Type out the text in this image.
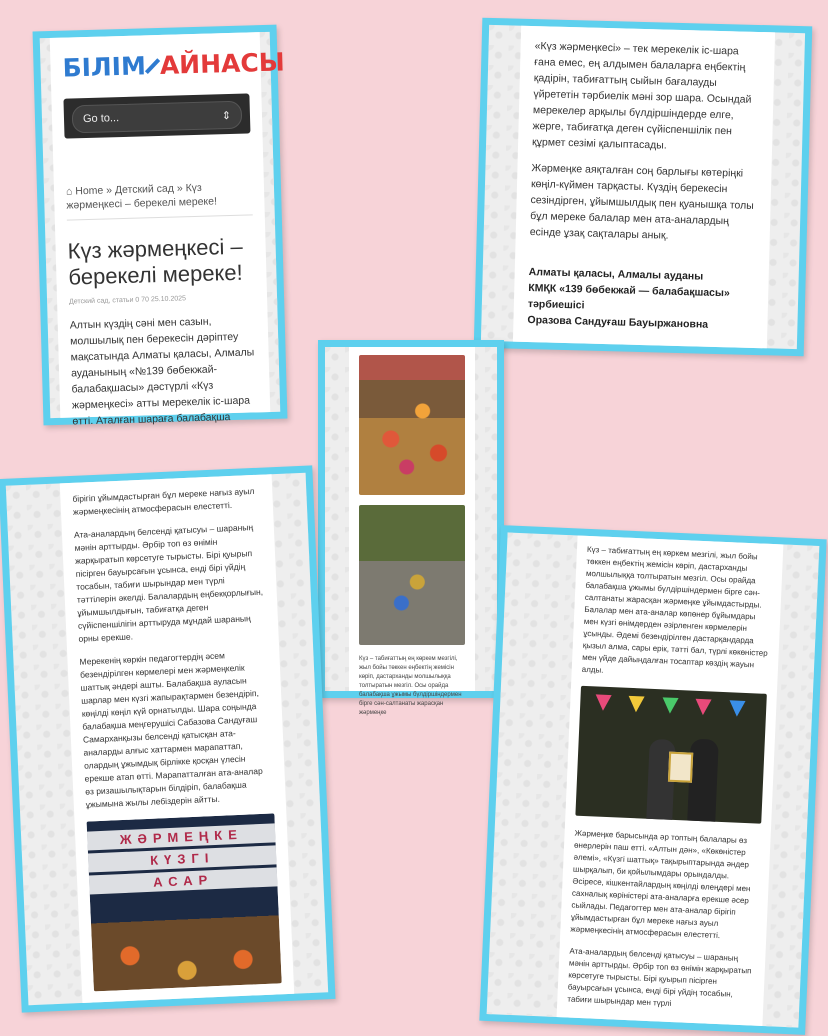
БІЛІМ АЙНАСЫ
Go to...	⇕
⌂ Home » Детский сад » Күз жәрмеңкесі – берекелі мереке!
Күз жәрмеңкесі – берекелі мереке!
Детский сад, статьи 0 70 25.10.2025
Алтын күздің сәні мен сазын, молшылық пен берекесін дәріптеу мақсатында Алматы қаласы, Алмалы ауданының «№139 бөбекжай-балабақшасы» дәстүрлі «Күз жәрмеңкесі» атты мерекелік іс-шара өтті. Аталған шараға балабақша
«Күз жәрмеңкесі» – тек мерекелік іс-шара ғана емес, ең алдымен балаларға еңбектің қадірін, табиғаттың сыйын бағалауды үйрететін тәрбиелік мәні зор шара. Осындай мерекелер арқылы бүлдіршіндерде елге, жерге, табиғатқа деген сүйіспеншілік пен құрмет сезімі қалыптасады.
Жәрмеңке аяқталған соң барлығы көтеріңкі көңіл-күймен тарқасты. Күздің берекесін сезіндірген, ұйымшылдық пен қуанышқа толы бұл мереке балалар мен ата-аналардың есінде ұзақ сақталары анық.
Алматы қаласы, Алмалы ауданы
КМҚК «139 бөбекжай — балабақшасы» тәрбиешісі
Оразова Сандуғаш Бауыржановна
Күз – табиғаттың ең көркем мезгілі, жыл бойы төккен еңбектің жемісін көріп, дастарханды молшылыққа толтыратын мезгіл. Осы орайда балабақша ұжымы бүлдіршіндермен бірге сән-салтанаты жарасқан жәрмеңке
бірігіп ұйымдастырған бұл мереке нағыз ауыл жәрмеңкесінің атмосферасын елестетті.
Ата-аналардың белсенді қатысуы – шараның мәнін арттырды. Әрбір топ өз өнімін жарқыратып көрсетуге тырысты. Бірі қуырып пісірген бауырсағын ұсынса, енді бірі үйдің тосабын, табиғи шырындар мен түрлі тәттілерін әкелді. Балалардың еңбекқорлығын, ұйымшылдығын, табиғатқа деген сүйіспеншілігін арттыруда мұндай шараның орны ерекше.
Мерекенің көркін педагогтердің әсем безендірілген көрмелері мен жәрмеңкелік шаттық әндері ашты. Балабақша ауласын шарлар мен күзгі жапырақтармен безендіріп, көңілді көңіл күй орнатылды. Шара соңында балабақша меңгерушісі Сабазова Сандуғаш Самарханқызы белсенді қатысқан ата-аналарды алғыс хаттармен марапаттап, олардың ұжымдық бірлікке қосқан үлесін ерекше атап өтті. Марапатталған ата-аналар өз ризашылықтарын білдіріп, балабақша ұжымына жылы лебіздерін айтты.
ЖӘРМЕҢКЕ
КҮЗГІ
АСАР
Күз – табиғаттың ең көркем мезгілі, жыл бойы төккен еңбектің жемісін көріп, дастарханды молшылыққа толтыратын мезгіл. Осы орайда балабақша ұжымы бүлдіршіндермен бірге сән-салтанаты жарасқан жәрмеңке ұйымдастырды. Балалар мен ата-аналар көпөнер бұйымдары мен күзгі өнімдерден әзірленген көрмелерін ұсынды. Әдемі безендірілген дастарқандарда қызыл алма, сары ерік, тәтті бал, түрлі көкөністер мен үйде дайындалған тосаптар көздің жауын алды.
Жәрмеңке барысында әр топтың балалары өз өнерлерін паш етті. «Алтын дән», «Көкөністер әлемі», «Күзгі шаттық» тақырыптарында әндер шырқалып, би қойылымдары орындалды. Әсіресе, кішкентайлардың көңілді өлеңдері мен сахналық көріністері ата-аналарға ерекше әсер сыйлады. Педагогтер мен ата-аналар бірігіп ұйымдастырған бұл мереке нағыз ауыл жәрмеңкесінің атмосферасын елестетті.
Ата-аналардың белсенді қатысуы – шараның мәнін арттырды. Әрбір топ өз өнімін жарқыратып көрсетуге тырысты. Бірі қуырып пісірген бауырсағын ұсынса, енді бірі үйдің тосабын, табиғи шырындар мен түрлі
